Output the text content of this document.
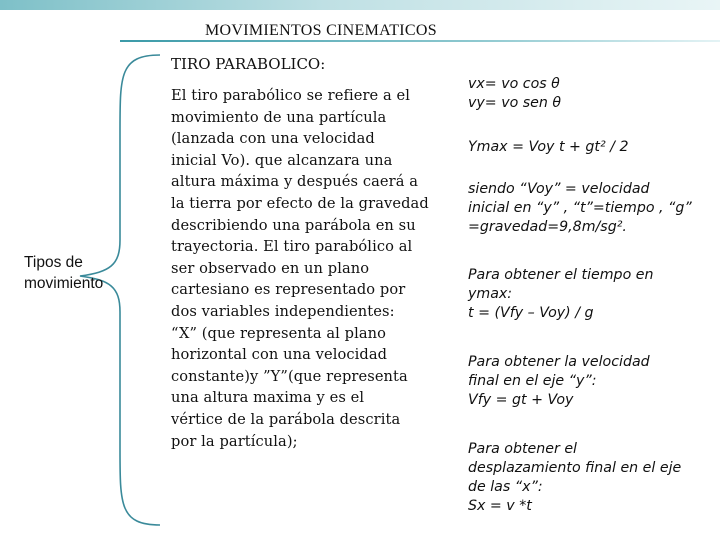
MOVIMIENTOS CINEMATICOS
Tipos de
movimiento
TIRO PARABOLICO:
El tiro parabólico se refiere a el
movimiento de una partícula
(lanzada con una velocidad
inicial Vo). que alcanzara una
altura máxima y después caerá a
la tierra por efecto de la gravedad
describiendo una parábola en su
trayectoria. El tiro parabólico al
ser observado en un plano
cartesiano es representado por
dos variables independientes:
“X” (que representa al plano
horizontal con una velocidad
constante)y ”Y”(que representa
una altura maxima y es el
vértice de la parábola descrita
por la partícula);
vx= vo cos θ
vy= vo sen θ
Ymax = Voy t + gt² / 2
siendo “Voy” = velocidad
inicial en “y” , “t”=tiempo , “g”
=gravedad=9,8m/sg².
Para obtener el tiempo en
ymax:
t = (Vfy – Voy) / g
Para obtener la velocidad
final en el eje “y”:
Vfy = gt + Voy
Para obtener el
desplazamiento final en el eje
de las “x”:
Sx = v *t
